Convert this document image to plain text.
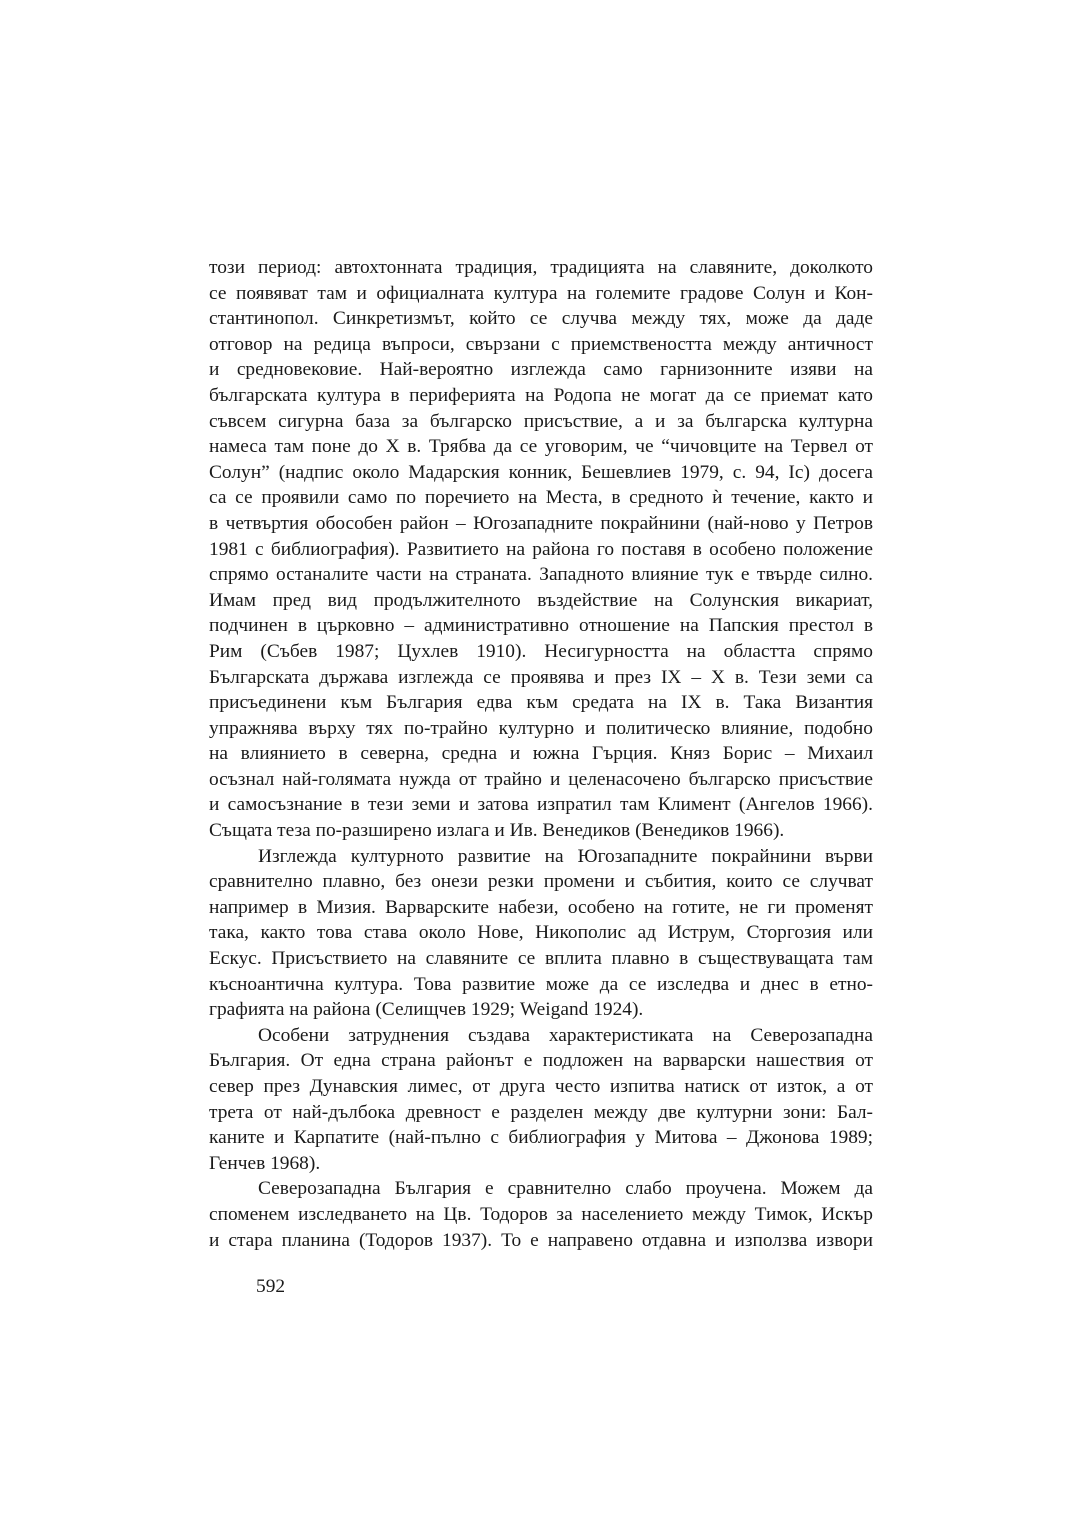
този период: автохтонната традиция, традицията на славяните, доколкото
се появяват там и официалната култура на големите градове Солун и Кон-
стантинопол. Синкретизмът, който се случва между тях, може да даде
отговор на редица въпроси, свързани с приемствеността между античност
и средновековие. Най-вероятно изглежда само гарнизонните изяви на
българската култура в периферията на Родопа не могат да се приемат като
съвсем сигурна база за българско присъствие, а и за българска културна
намеса там поне до X в. Трябва да се уговорим, че “чичовците на Тервел от
Солун” (надпис около Мадарския конник, Бешевлиев 1979, с. 94, Iс) досега
са се проявили само по поречието на Места, в средното ѝ течение, както и
в четвъртия обособен район – Югозападните покрайнини (най-ново у Петров
1981 с библиография). Развитието на района го поставя в особено положение
спрямо останалите части на страната. Западното влияние тук е твърде силно.
Имам пред вид продължителното въздействие на Солунския викариат,
подчинен в църковно – административно отношение на Папския престол в
Рим (Събев 1987; Цухлев 1910). Несигурността на областта спрямо
Българската държава изглежда се проявява и през IX – X в. Тези земи са
присъединени към България едва към средата на IX в. Така Византия
упражнява върху тях по-трайно културно и политическо влияние, подобно
на влиянието в северна, средна и южна Гърция. Княз Борис – Михаил
осъзнал най-голямата нужда от трайно и целенасочено българско присъствие
и самосъзнание в тези земи и затова изпратил там Климент (Ангелов 1966).
Същата теза по-разширено излага и Ив. Венедиков (Венедиков 1966).
Изглежда културното развитие на Югозападните покрайнини върви
сравнително плавно, без онези резки промени и събития, които се случват
например в Мизия. Варварските набези, особено на готите, не ги променят
така, както това става около Нове, Никополис ад Иструм, Сторгозия или
Ескус. Присъствието на славяните се вплита плавно в съществуващата там
късноантична култура. Това развитие може да се изследва и днес в етно-
графията на района (Селищчев 1929; Weigand 1924).
Особени затруднения създава характеристиката на Северозападна
България. От една страна районът е подложен на варварски нашествия от
север през Дунавския лимес, от друга често изпитва натиск от изток, а от
трета от най-дълбока древност е разделен между две културни зони: Бал-
каните и Карпатите (най-пълно с библиография у Митова – Джонова 1989;
Генчев 1968).
Северозападна България е сравнително слабо проучена. Можем да
споменем изследването на Цв. Тодоров за населението между Тимок, Искър
и стара планина (Тодоров 1937). То е направено отдавна и използва извори
592
